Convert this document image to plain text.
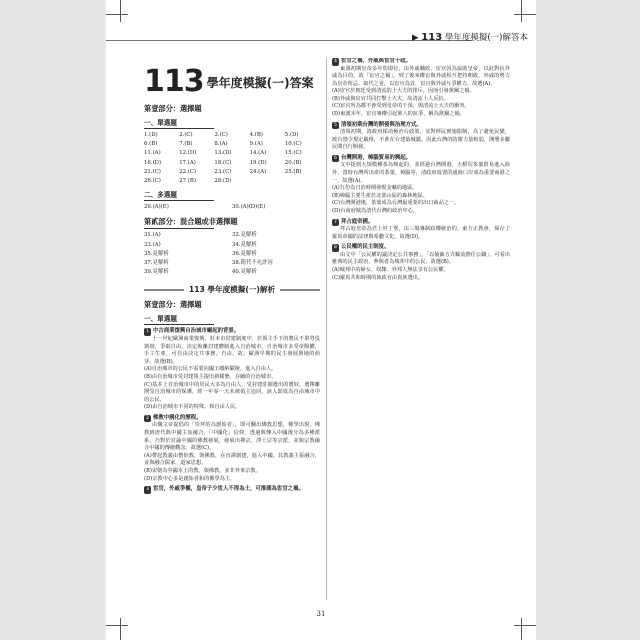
▶ 113 學年度模擬(一)解答本
113 學年度模擬(一)答案
第壹部分：選擇題
一、單選題
1.(D)	2.(C)	3.(C)	4.(B)	5.(D)
6.(B)	7.(B)	8.(A)	9.(A)	10.(C)
11.(A)	12.(D)	13.(D)	14.(A)	15.(C)
16.(D)	17.(A)	18.(C)	19.(D)	20.(B)
21.(C)	22.(C)	23.(C)	24.(A)	25.(B)
26.(C)	27.(B)	28.(D)
二、多選題
29.(A)(E)	30.(A)(D)(E)
第貳部分：混合題或非選擇題
31.(A)	32.見解析
33.(A)	34.見解析
35.見解析	36.見解析
37.見解析	38.隋代不允許河
39.見解析	40.見解析
113 學年度模擬(一)解析
第壹部分：選擇題
一、單選題
1 中古商業復興自治城市崛起的背景。
十一世紀歐洲商業復興，莊本市封建制度中，於領主手下的農民不堪勞役剝削，爭取自由，決定脫離封建體制進入自治城市。自治城市多受帝賜權，手工生產，可自由決定共事務，自由，故，歐洲早期的民主發展與她的萌芽。故選(B)。
(A)自治城市的公民不需要向國王繳納賦稅，進入自由人。
(B)由自治城市受封建領主提出新樣態，存續的自治城市。
(C)基本上自治城市中的居民大多為自由人，受封建莊園遺出的農奴，選擇離開受自治城市的保護，經一年零一天未被領主追回，該人即成為自由城市中的公民。
(D)由自治城市不同的特殊，和自由人民。
2 佛教中國化的歷程。
由魏文帝提倡的「崇拜的為創始者」，即可翻出佛教思想，佛學出現，佛教到唐代與中國主流融合，「中國化」信仰，透過與傳入中國後分為多種派系，乃對於討論中國的佛教發展，發展出禪宗，淨土宗等宗派，並與宗教融合中國的傳統觀念。故選(C)。
(A)帶起教義由僧侶教，與佛教，在直譯創建，進入中國，其教義主張融合，並與融合儒家，道家思想。
(B)宋朝為中國本土的教，與佛教，並非外來宗教。
(D)宗教中心多是創始者和的佛學為主。
3 宦官，外戚爭權，皇帝子少宦人不得為士，可推測為宦官之禍。
4 宦官之禍，外戚與宦官干政。
東漢初期皇帝多年幼即位，由外戚輔政，宦官因為協助皇帝，以此對抗外戚為目的，故「宦官之禍」，到了後來權宦與外戚相互把持朝政，外戚的勢力為皇帝所忌，取代之者，以宦官為首，宦官與外戚互爭權力。故選(A)。
(A)宦官於朝廷受到清流的士大夫的排斥，因而引發黨錮之禍。
(B)外戚與宦官共同打擊士大夫，故清流士人反抗。
(C)宦官所為都不會受到皇帝的干預，與清流士大夫的衝突。
(D)東漢末年，宦官專權引起黨人的抗爭，稱為黨錮之禍。
5 清領初期台灣的開發與治理方式。
清領初期，清政府採消極治台政策，並對移民實施限制，為了避免民變，渡台禁令規定嚴格，不准在台建築城牆。因此台灣的防衛力量較弱，開墾多屬民間自行開發。
6 台灣開港，樟腦貿易的興起。
文中提到大規模種茶為興起的，並經過台灣開港，大稻埕茶葉貿易進入海外，當時台灣所出產的茶葉，樟腦等，清政府設置的通商口岸成為重要商港之一，故選(A)。
(A)九份為日治時期發現金礦的地區。
(B)樟腦主要生產於北部山區的森林地區。
(C)台灣開港後，茶葉成為台灣最重要的出口商品之一。
(D)台南府城為清代台灣的政治中心。
7 拜占庭帝國。
拜占庭皇帝為君士坦丁堡，由三場專制政權統治的，東方正教會，保存了羅馬帝國的法律與希臘文化，故選(D)。
8 公民權的民主制度。
由文中「公民權的議決定公共事務」，「以抽籤方式輪流擔任公職」，可看出雅典的民主政治，參與者為城邦中的公民，故選(B)。
(A)城邦中的婦女、奴隸、外邦人無法享有公民權。
(C)羅馬共和時期的執政官由貴族選出。
31
